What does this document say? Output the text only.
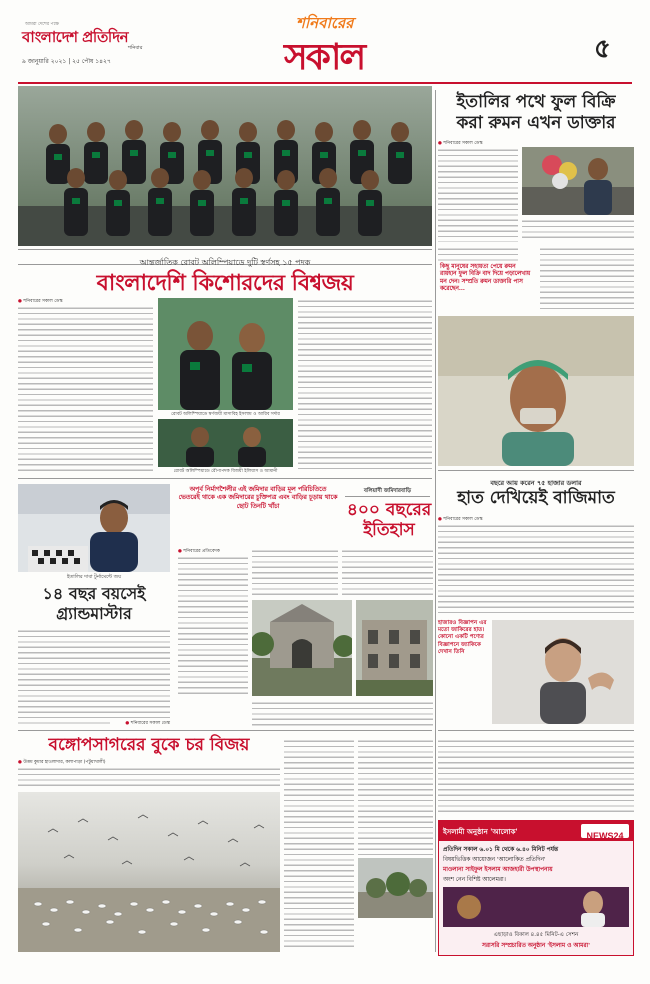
আমরা দেশের পক্ষে
বাংলাদেশ প্রতিদিন
শনিবার
৯ জানুয়ারি ২০২১ | ২৫ পৌষ ১৪২৭
শনিবারের
সকাল	৫
আন্তর্জাতিক রোবট অলিম্পিয়াডে দুটি স্বর্ণসহ ১৫ পদক
বাংলাদেশি কিশোরদের বিশ্বজয়
● শনিবারের সকাল ডেস্ক
রোবট অলিম্পিয়াডে স্বর্ণজয়ী মাসাবিহ ইসলাম ও আরিব সর্দার
রোবট অলিম্পিয়াডে রৌপ্যপদক বিজয়ী ইলিয়াস ও আমানী
ইতালির পথে ফুল বিক্রি
করা রুমন এখন ডাক্তার
● শনিবারের সকাল ডেস্ক
কিছু মানুষের সহায়তা পেয়ে রুমন রায়হান ফুল বিক্রি বাদ দিয়ে পড়ালেখায় মন দেন। সম্প্রতি রুমন ডাক্তারি পাস করেছেন...
অপূর্ব নির্মাণশৈলীর এই জমিদার বাড়ির মূল পরিচিতিতে ভেতরেই থাকে এক জমিদারের চুক্তিপত্র এবং বাড়ির চূড়ায় থাকে ছোট তিনটি খাঁচা
বলিয়াদী জমিদারবাড়ি
৪০০ বছরের
ইতিহাস
● শনিবারের প্রতিবেদক
ইতালির দাবা টুর্নামেন্টে জয়
১৪ বছর বয়সেই
গ্র্যান্ডমাস্টার
● শনিবারের সকাল ডেস্ক
বছরে আয় করেন ৭৫ হাজার ডলার
হাত দেখিয়েই বাজিমাত
● শনিবারের সকাল ডেস্ক
হাজারও বিজ্ঞাপন এর মতো জাকিরের হাত। কোনো একটি পণ্যের বিজ্ঞাপনে জ্যাকিকে দেখান তিনি
বঙ্গোপসাগরের বুকে চর বিজয়
● উত্তম কুমার হাওলাদার, কলাপাড়া (পটুয়াখালী)
ইসলামী অনুষ্ঠান 'আলোক'	NEWS24
প্রতিদিন সকাল ৬.০১ মি থেকে ৬.৪০ মিনিট পর্যন্ত
বিষয়ভিত্তিক আয়োজন 'আলোকিত প্রতিদিন'
মাওলানা সাইফুল ইসলাম আজহারী উপস্থাপনায়
অংশ নেন বিশিষ্ট আলেমরা।
এছাড়াও বিকাল ৪.৪৫ মিনিট-এ সেশন
সরাসরি সম্প্রচারিত অনুষ্ঠান 'ইসলাম ও আমরা'
